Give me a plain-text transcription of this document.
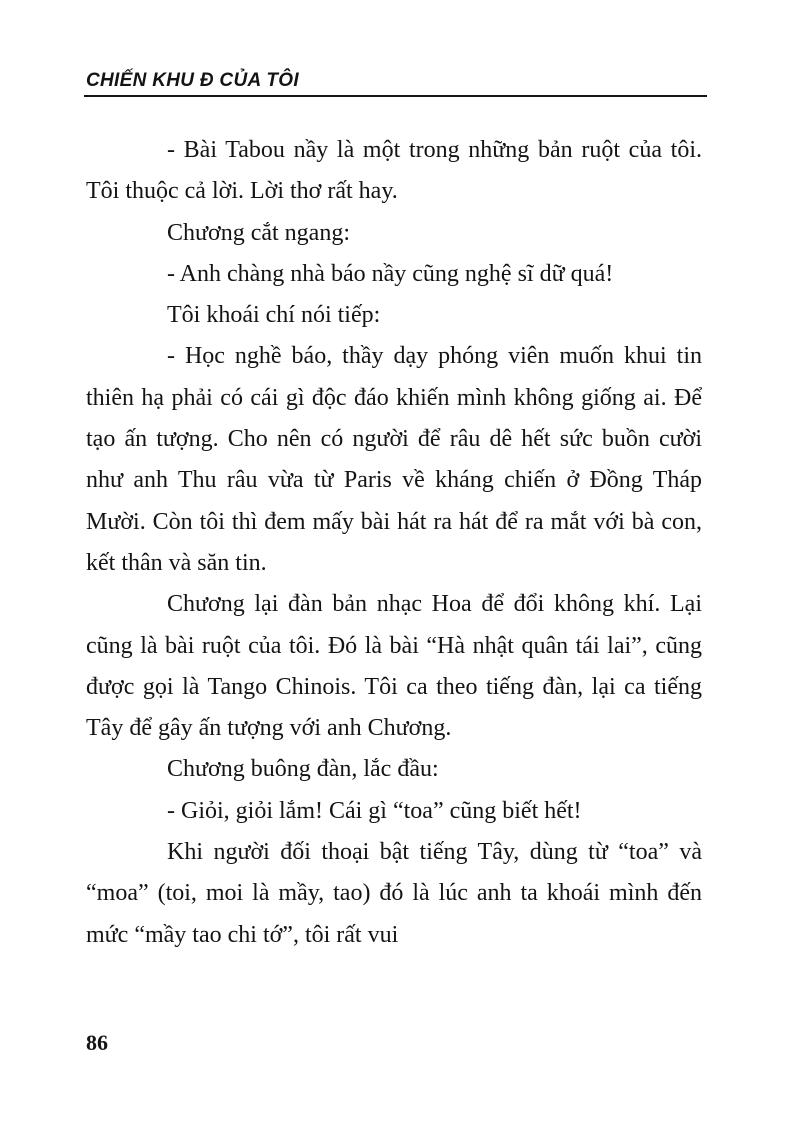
CHIẾN KHU Đ CỦA TÔI

- Bài Tabou nầy là một trong những bản ruột của tôi. Tôi thuộc cả lời. Lời thơ rất hay.

Chương cắt ngang:

- Anh chàng nhà báo nầy cũng nghệ sĩ dữ quá!

Tôi khoái chí nói tiếp:

- Học nghề báo, thầy dạy phóng viên muốn khui tin thiên hạ phải có cái gì độc đáo khiến mình không giống ai. Để tạo ấn tượng. Cho nên có người để râu dê hết sức buồn cười như anh Thu râu vừa từ Paris về kháng chiến ở Đồng Tháp Mười. Còn tôi thì đem mấy bài hát ra hát để ra mắt với bà con, kết thân và săn tin.

Chương lại đàn bản nhạc Hoa để đổi không khí. Lại cũng là bài ruột của tôi. Đó là bài “Hà nhật quân tái lai”, cũng được gọi là Tango Chinois. Tôi ca theo tiếng đàn, lại ca tiếng Tây để gây ấn tượng với anh Chương.

Chương buông đàn, lắc đầu:

- Giỏi, giỏi lắm! Cái gì “toa” cũng biết hết!

Khi người đối thoại bật tiếng Tây, dùng từ “toa” và “moa” (toi, moi là mầy, tao) đó là lúc anh ta khoái mình đến mức “mầy tao chi tớ”, tôi rất vui

86
